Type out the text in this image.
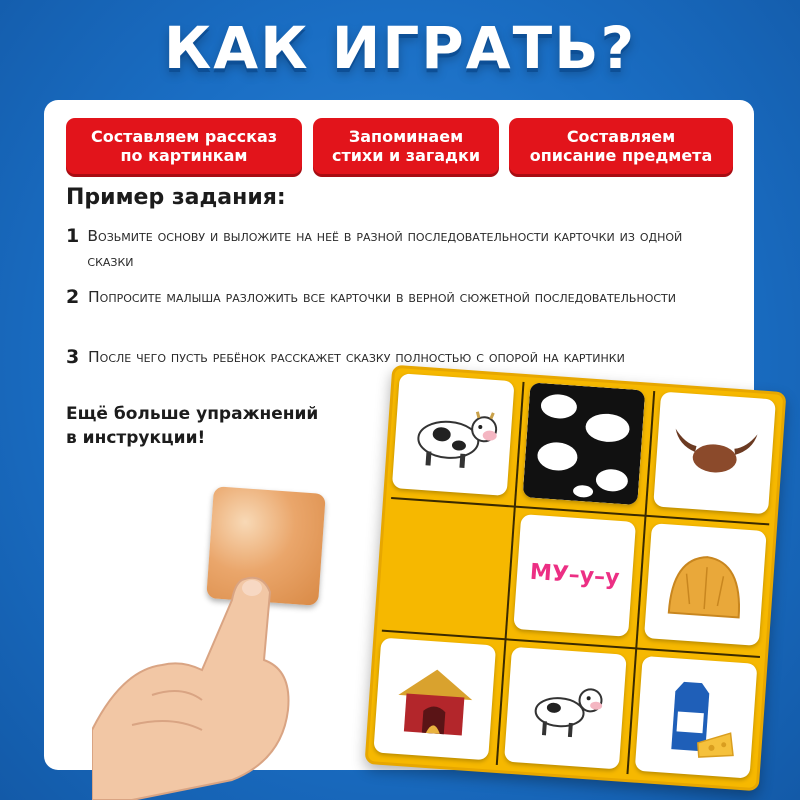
КАК ИГРАТЬ?
Составляем рассказ
по картинкам
Запоминаем
стихи и загадки
Составляем
описание предмета
Пример задания:
1 Возьмите основу и выложите на неё в разной последовательности карточки из одной сказки
2 Попросите малыша разложить все карточки в верной сюжетной последовательности
3 После чего пусть ребёнок расскажет сказку полностью с опорой на картинки
Ещё больше упражнений
в инструкции!
МУ–у–у
